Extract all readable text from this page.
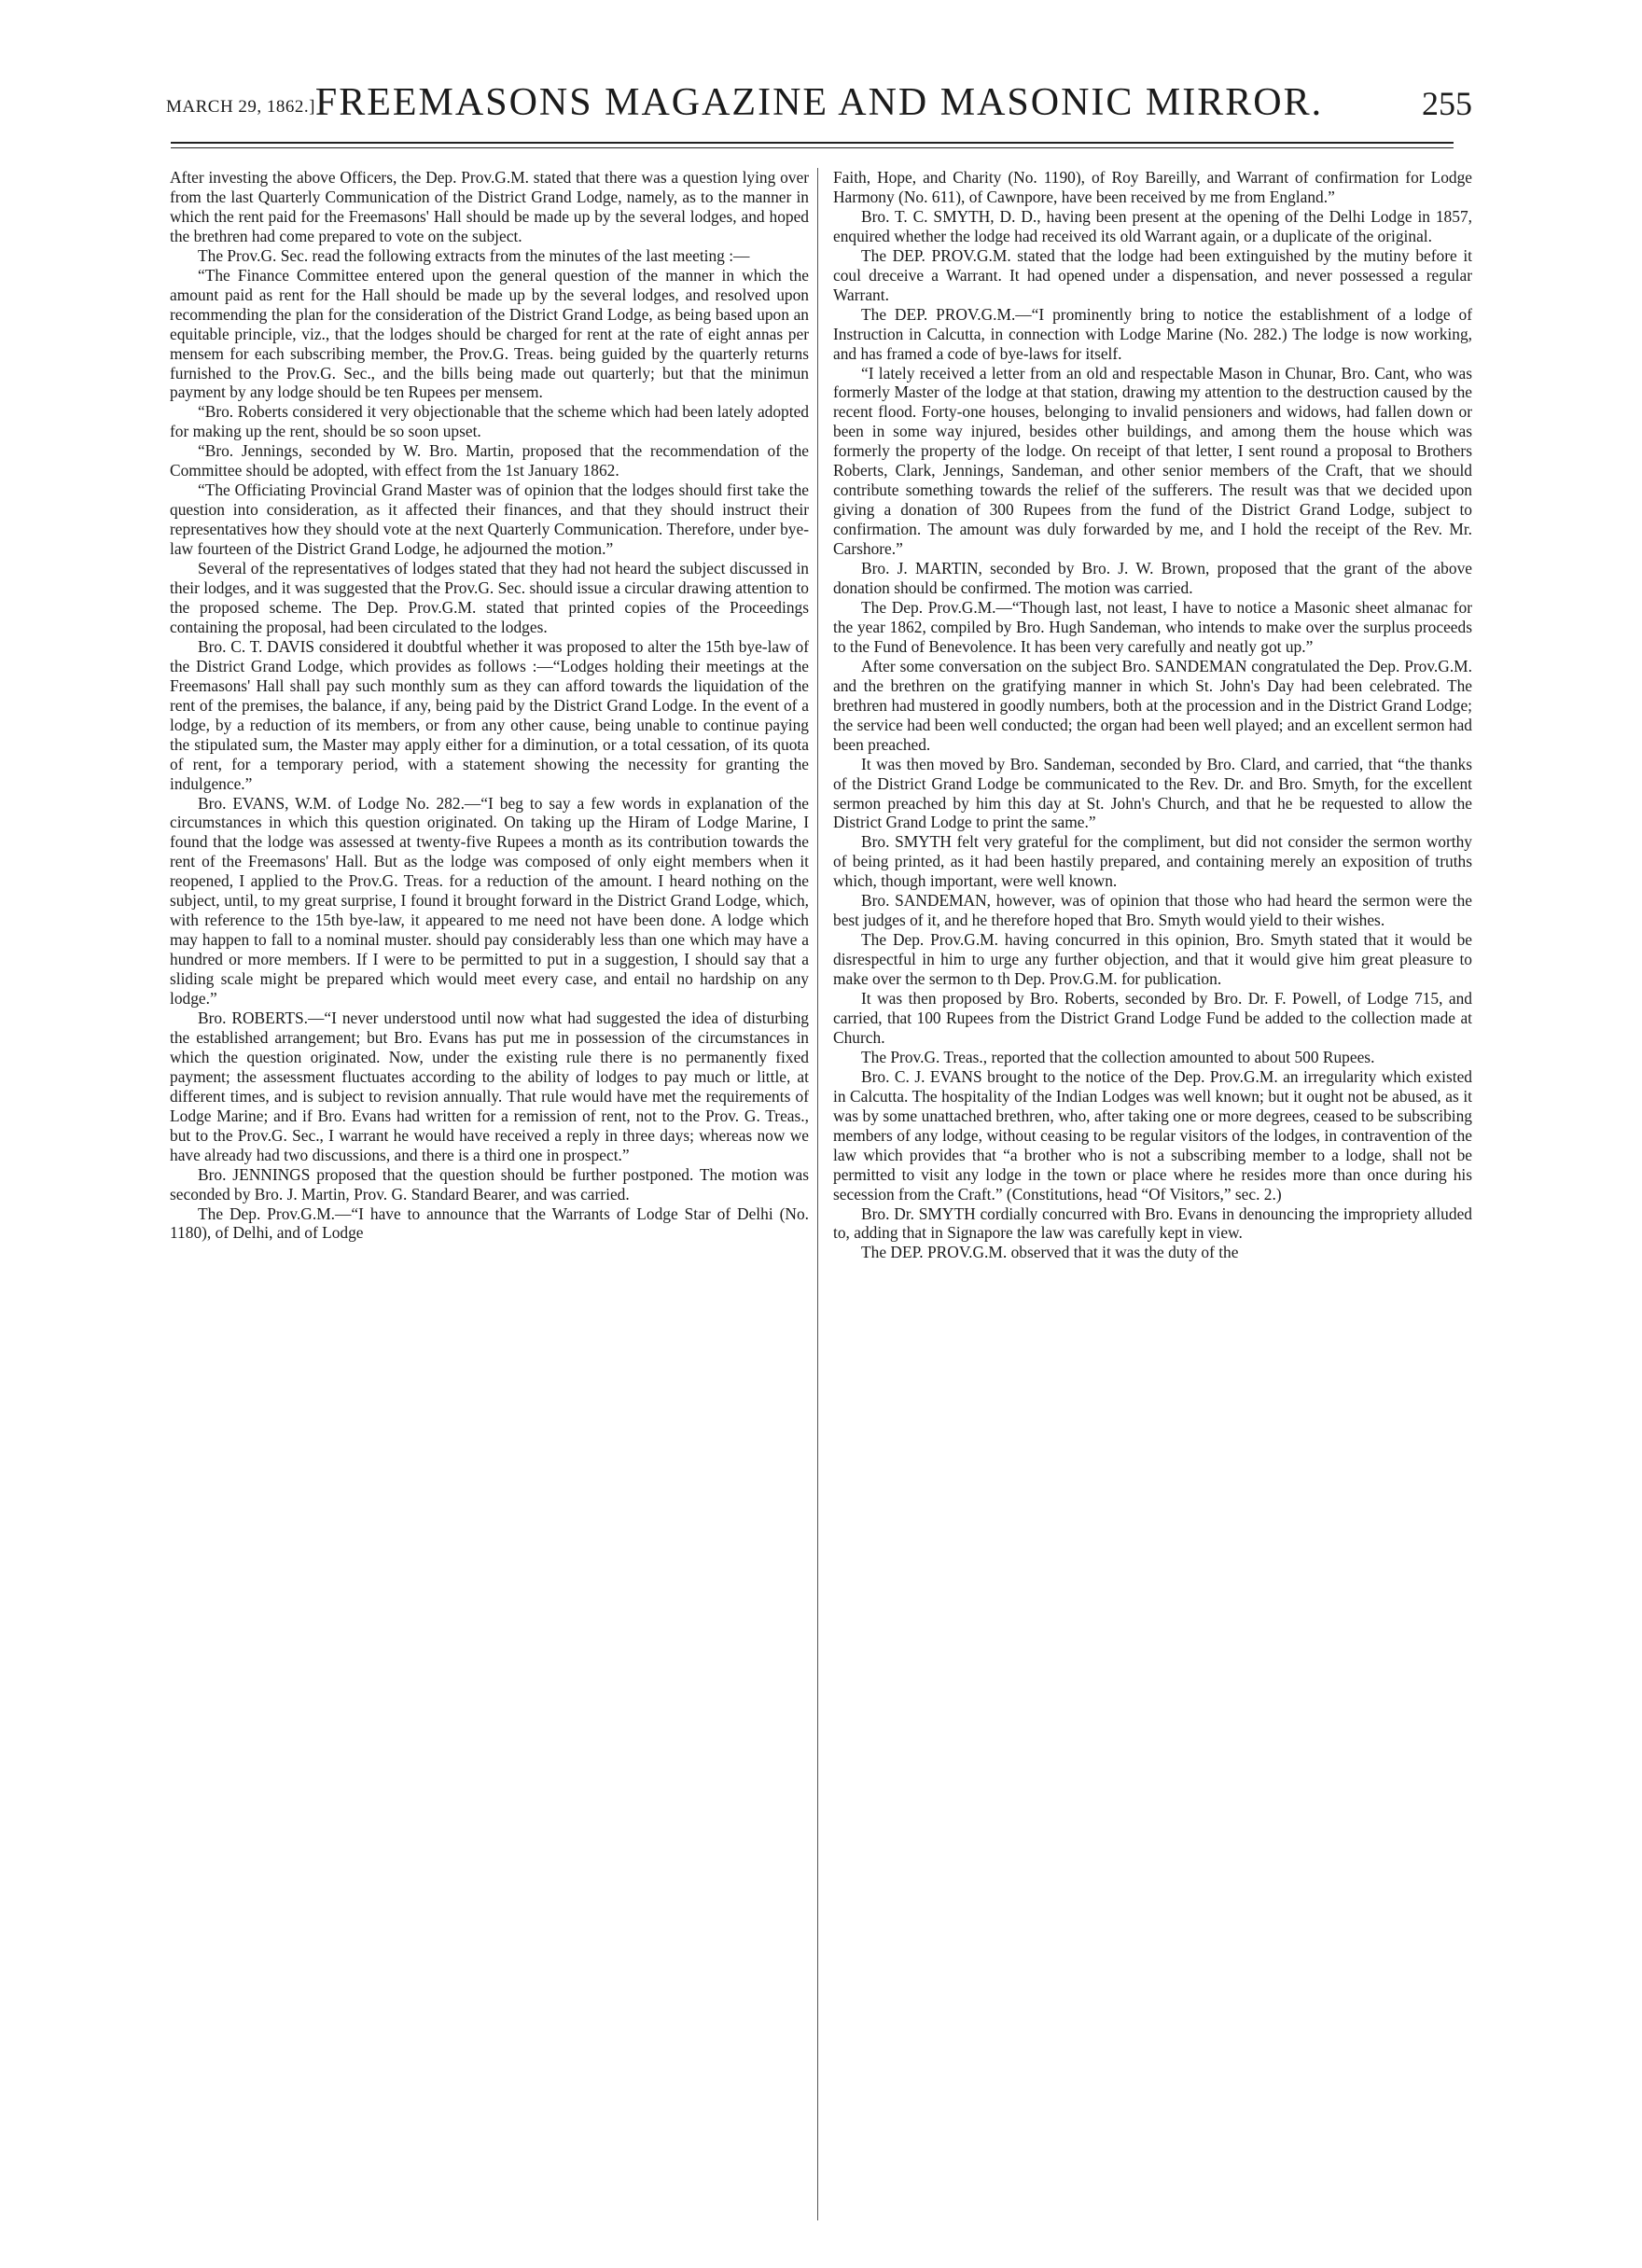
MARCH 29, 1862.] FREEMASONS MAGAZINE AND MASONIC MIRROR.	255

After investing the above Officers, the Dep. Prov.G.M. stated that there was a question lying over from the last Quarterly Communication of the District Grand Lodge, namely, as to the manner in which the rent paid for the Freemasons' Hall should be made up by the several lodges, and hoped the brethren had come prepared to vote on the subject.

The Prov.G. Sec. read the following extracts from the minutes of the last meeting :—

“The Finance Committee entered upon the general question of the manner in which the amount paid as rent for the Hall should be made up by the several lodges, and resolved upon recommending the plan for the consideration of the District Grand Lodge, as being based upon an equitable principle, viz., that the lodges should be charged for rent at the rate of eight annas per mensem for each subscribing member, the Prov.G. Treas. being guided by the quarterly returns furnished to the Prov.G. Sec., and the bills being made out quarterly; but that the minimun payment by any lodge should be ten Rupees per mensem.

“Bro. Roberts considered it very objectionable that the scheme which had been lately adopted for making up the rent, should be so soon upset.

“Bro. Jennings, seconded by W. Bro. Martin, proposed that the recommendation of the Committee should be adopted, with effect from the 1st January 1862.

“The Officiating Provincial Grand Master was of opinion that the lodges should first take the question into consideration, as it affected their finances, and that they should instruct their representatives how they should vote at the next Quarterly Communication. Therefore, under bye-law fourteen of the District Grand Lodge, he adjourned the motion.”

Several of the representatives of lodges stated that they had not heard the subject discussed in their lodges, and it was suggested that the Prov.G. Sec. should issue a circular drawing attention to the proposed scheme. The Dep. Prov.G.M. stated that printed copies of the Proceedings containing the proposal, had been circulated to the lodges.

Bro. C. T. DAVIS considered it doubtful whether it was proposed to alter the 15th bye-law of the District Grand Lodge, which provides as follows :—“Lodges holding their meetings at the Freemasons' Hall shall pay such monthly sum as they can afford towards the liquidation of the rent of the premises, the balance, if any, being paid by the District Grand Lodge. In the event of a lodge, by a reduction of its members, or from any other cause, being unable to continue paying the stipulated sum, the Master may apply either for a diminution, or a total cessation, of its quota of rent, for a temporary period, with a statement showing the necessity for granting the indulgence.”

Bro. EVANS, W.M. of Lodge No. 282.—“I beg to say a few words in explanation of the circumstances in which this question originated. On taking up the Hiram of Lodge Marine, I found that the lodge was assessed at twenty-five Rupees a month as its contribution towards the rent of the Freemasons' Hall. But as the lodge was composed of only eight members when it reopened, I applied to the Prov.G. Treas. for a reduction of the amount. I heard nothing on the subject, until, to my great surprise, I found it brought forward in the District Grand Lodge, which, with reference to the 15th bye-law, it appeared to me need not have been done. A lodge which may happen to fall to a nominal muster. should pay considerably less than one which may have a hundred or more members. If I were to be permitted to put in a suggestion, I should say that a sliding scale might be prepared which would meet every case, and entail no hardship on any lodge.”

Bro. ROBERTS.—“I never understood until now what had suggested the idea of disturbing the established arrangement; but Bro. Evans has put me in possession of the circumstances in which the question originated. Now, under the existing rule there is no permanently fixed payment; the assessment fluctuates according to the ability of lodges to pay much or little, at different times, and is subject to revision annually. That rule would have met the requirements of Lodge Marine; and if Bro. Evans had written for a remission of rent, not to the Prov. G. Treas., but to the Prov.G. Sec., I warrant he would have received a reply in three days; whereas now we have already had two discussions, and there is a third one in prospect.”

Bro. JENNINGS proposed that the question should be further postponed. The motion was seconded by Bro. J. Martin, Prov. G. Standard Bearer, and was carried.

The Dep. Prov.G.M.—“I have to announce that the Warrants of Lodge Star of Delhi (No. 1180), of Delhi, and of Lodge

Faith, Hope, and Charity (No. 1190), of Roy Bareilly, and Warrant of confirmation for Lodge Harmony (No. 611), of Cawnpore, have been received by me from England.”

Bro. T. C. SMYTH, D. D., having been present at the opening of the Delhi Lodge in 1857, enquired whether the lodge had received its old Warrant again, or a duplicate of the original.

The DEP. PROV.G.M. stated that the lodge had been extinguished by the mutiny before it coul dreceive a Warrant. It had opened under a dispensation, and never possessed a regular Warrant.

The DEP. PROV.G.M.—“I prominently bring to notice the establishment of a lodge of Instruction in Calcutta, in connection with Lodge Marine (No. 282.) The lodge is now working, and has framed a code of bye-laws for itself.

“I lately received a letter from an old and respectable Mason in Chunar, Bro. Cant, who was formerly Master of the lodge at that station, drawing my attention to the destruction caused by the recent flood. Forty-one houses, belonging to invalid pensioners and widows, had fallen down or been in some way injured, besides other buildings, and among them the house which was formerly the property of the lodge. On receipt of that letter, I sent round a proposal to Brothers Roberts, Clark, Jennings, Sandeman, and other senior members of the Craft, that we should contribute something towards the relief of the sufferers. The result was that we decided upon giving a donation of 300 Rupees from the fund of the District Grand Lodge, subject to confirmation. The amount was duly forwarded by me, and I hold the receipt of the Rev. Mr. Carshore.”

Bro. J. MARTIN, seconded by Bro. J. W. Brown, proposed that the grant of the above donation should be confirmed. The motion was carried.

The Dep. Prov.G.M.—“Though last, not least, I have to notice a Masonic sheet almanac for the year 1862, compiled by Bro. Hugh Sandeman, who intends to make over the surplus proceeds to the Fund of Benevolence. It has been very carefully and neatly got up.”

After some conversation on the subject Bro. SANDEMAN congratulated the Dep. Prov.G.M. and the brethren on the gratifying manner in which St. John's Day had been celebrated. The brethren had mustered in goodly numbers, both at the procession and in the District Grand Lodge; the service had been well conducted; the organ had been well played; and an excellent sermon had been preached.

It was then moved by Bro. Sandeman, seconded by Bro. Clard, and carried, that “the thanks of the District Grand Lodge be communicated to the Rev. Dr. and Bro. Smyth, for the excellent sermon preached by him this day at St. John's Church, and that he be requested to allow the District Grand Lodge to print the same.”

Bro. SMYTH felt very grateful for the compliment, but did not consider the sermon worthy of being printed, as it had been hastily prepared, and containing merely an exposition of truths which, though important, were well known.

Bro. SANDEMAN, however, was of opinion that those who had heard the sermon were the best judges of it, and he therefore hoped that Bro. Smyth would yield to their wishes.

The Dep. Prov.G.M. having concurred in this opinion, Bro. Smyth stated that it would be disrespectful in him to urge any further objection, and that it would give him great pleasure to make over the sermon to th Dep. Prov.G.M. for publication.

It was then proposed by Bro. Roberts, seconded by Bro. Dr. F. Powell, of Lodge 715, and carried, that 100 Rupees from the District Grand Lodge Fund be added to the collection made at Church.

The Prov.G. Treas., reported that the collection amounted to about 500 Rupees.

Bro. C. J. EVANS brought to the notice of the Dep. Prov.G.M. an irregularity which existed in Calcutta. The hospitality of the Indian Lodges was well known; but it ought not be abused, as it was by some unattached brethren, who, after taking one or more degrees, ceased to be subscribing members of any lodge, without ceasing to be regular visitors of the lodges, in contravention of the law which provides that “a brother who is not a subscribing member to a lodge, shall not be permitted to visit any lodge in the town or place where he resides more than once during his secession from the Craft.” (Constitutions, head “Of Visitors,” sec. 2.)

Bro. Dr. SMYTH cordially concurred with Bro. Evans in denouncing the impropriety alluded to, adding that in Signapore the law was carefully kept in view.

The DEP. PROV.G.M. observed that it was the duty of the
